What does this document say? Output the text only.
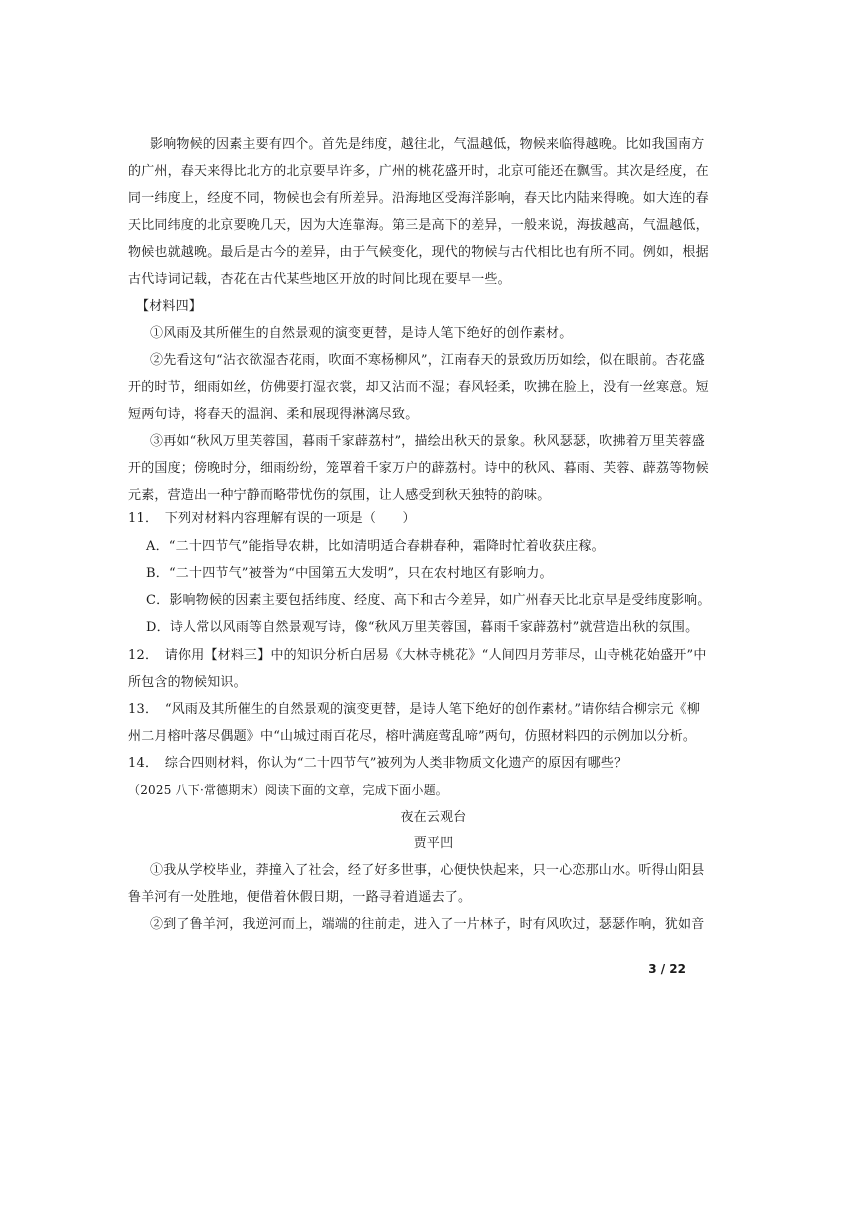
影响物候的因素主要有四个。首先是纬度，越往北，气温越低，物候来临得越晚。比如我国南方
的广州，春天来得比北方的北京要早许多，广州的桃花盛开时，北京可能还在飘雪。其次是经度，在
同一纬度上，经度不同，物候也会有所差异。沿海地区受海洋影响，春天比内陆来得晚。如大连的春
天比同纬度的北京要晚几天，因为大连靠海。第三是高下的差异，一般来说，海拔越高，气温越低，
物候也就越晚。最后是古今的差异，由于气候变化，现代的物候与古代相比也有所不同。例如，根据
古代诗词记载，杏花在古代某些地区开放的时间比现在要早一些。
【材料四】
①风雨及其所催生的自然景观的演变更替，是诗人笔下绝好的创作素材。
②先看这句“沾衣欲湿杏花雨，吹面不寒杨柳风”，江南春天的景致历历如绘，似在眼前。杏花盛
开的时节，细雨如丝，仿佛要打湿衣裳，却又沾而不湿；春风轻柔，吹拂在脸上，没有一丝寒意。短
短两句诗，将春天的温润、柔和展现得淋漓尽致。
③再如“秋风万里芙蓉国，暮雨千家薜荔村”，描绘出秋天的景象。秋风瑟瑟，吹拂着万里芙蓉盛
开的国度；傍晚时分，细雨纷纷，笼罩着千家万户的薜荔村。诗中的秋风、暮雨、芙蓉、薜荔等物候
元素，营造出一种宁静而略带忧伤的氛围，让人感受到秋天独特的韵味。
11．　下列对材料内容理解有误的一项是（　　）
A．“二十四节气”能指导农耕，比如清明适合春耕春种，霜降时忙着收获庄稼。
B．“二十四节气”被誉为“中国第五大发明”，只在农村地区有影响力。
C．影响物候的因素主要包括纬度、经度、高下和古今差异，如广州春天比北京早是受纬度影响。
D．诗人常以风雨等自然景观写诗，像“秋风万里芙蓉国，暮雨千家薜荔村”就营造出秋的氛围。
12．　请你用【材料三】中的知识分析白居易《大林寺桃花》“人间四月芳菲尽，山寺桃花始盛开”中
所包含的物候知识。
13．　“风雨及其所催生的自然景观的演变更替，是诗人笔下绝好的创作素材。”请你结合柳宗元《柳
州二月榕叶落尽偶题》中“山城过雨百花尽，榕叶满庭莺乱啼”两句，仿照材料四的示例加以分析。
14．　综合四则材料，你认为“二十四节气”被列为人类非物质文化遗产的原因有哪些？
（2025 八下·常德期末）阅读下面的文章，完成下面小题。
夜在云观台
贾平凹
①我从学校毕业，莽撞入了社会，经了好多世事，心便快快起来，只一心恋那山水。听得山阳县
鲁羊河有一处胜地，便借着休假日期，一路寻着逍遥去了。
②到了鲁羊河，我逆河而上，端端的往前走，进入了一片林子，时有风吹过，瑟瑟作响，犹如音
3 / 22
